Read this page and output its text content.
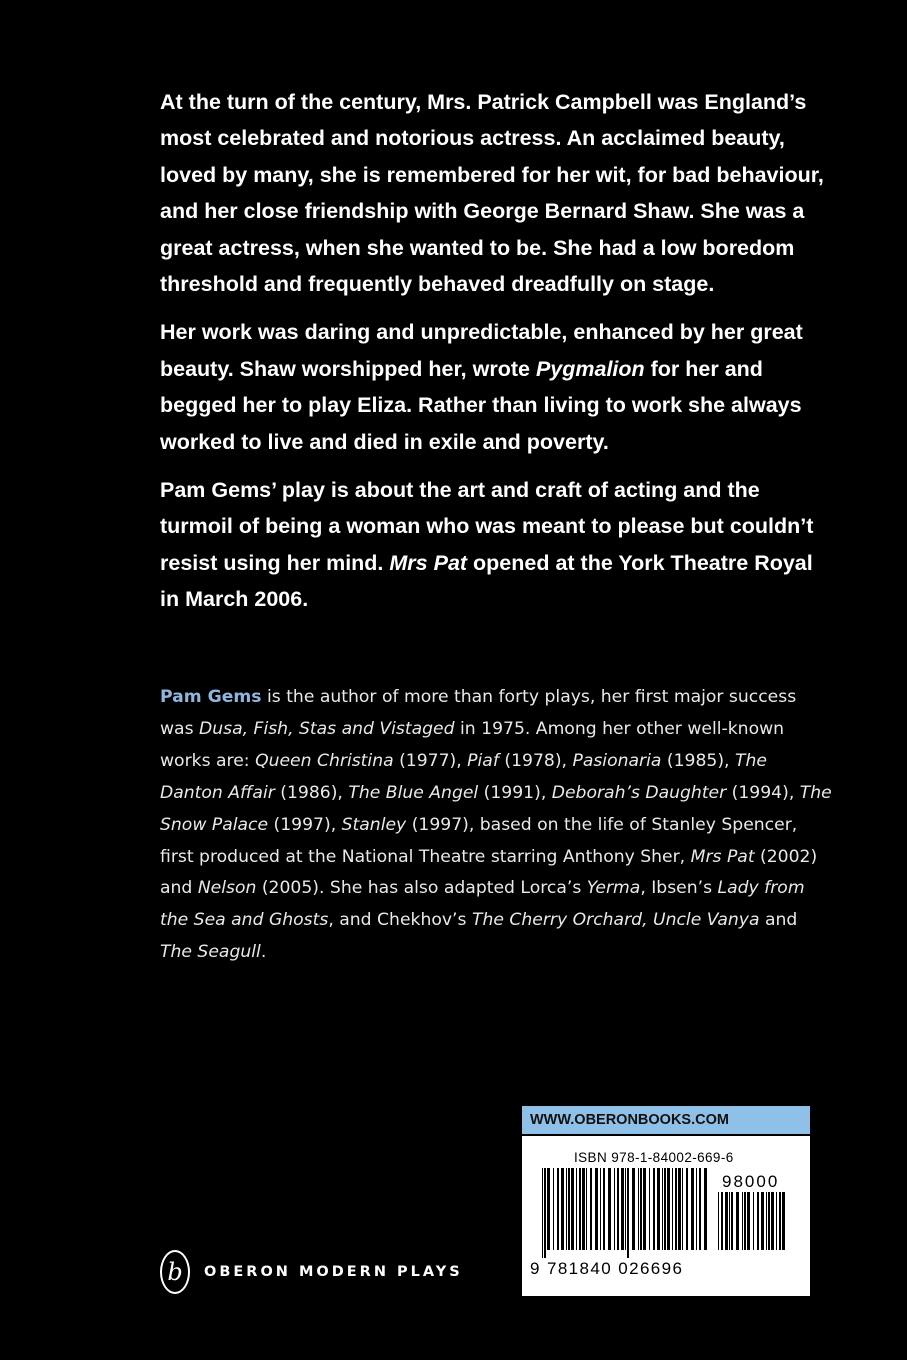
At the turn of the century, Mrs. Patrick Campbell was England’s most celebrated and notorious actress. An acclaimed beauty, loved by many, she is remembered for her wit, for bad behaviour, and her close friendship with George Bernard Shaw. She was a great actress, when she wanted to be. She had a low boredom threshold and frequently behaved dreadfully on stage.

Her work was daring and unpredictable, enhanced by her great beauty. Shaw worshipped her, wrote Pygmalion for her and begged her to play Eliza. Rather than living to work she always worked to live and died in exile and poverty.

Pam Gems’ play is about the art and craft of acting and the turmoil of being a woman who was meant to please but couldn’t resist using her mind. Mrs Pat opened at the York Theatre Royal in March 2006.

Pam Gems is the author of more than forty plays, her first major success was Dusa, Fish, Stas and Vistaged in 1975. Among her other well-known works are: Queen Christina (1977), Piaf (1978), Pasionaria (1985), The Danton Affair (1986), The Blue Angel (1991), Deborah’s Daughter (1994), The Snow Palace (1997), Stanley (1997), based on the life of Stanley Spencer, first produced at the National Theatre starring Anthony Sher, Mrs Pat (2002) and Nelson (2005). She has also adapted Lorca’s Yerma, Ibsen’s Lady from the Sea and Ghosts, and Chekhov’s The Cherry Orchard, Uncle Vanya and The Seagull.

b OBERON MODERN PLAYS
WWW.OBERONBOOKS.COM
ISBN 978-1-84002-669-6
98000
9 781840 026696
